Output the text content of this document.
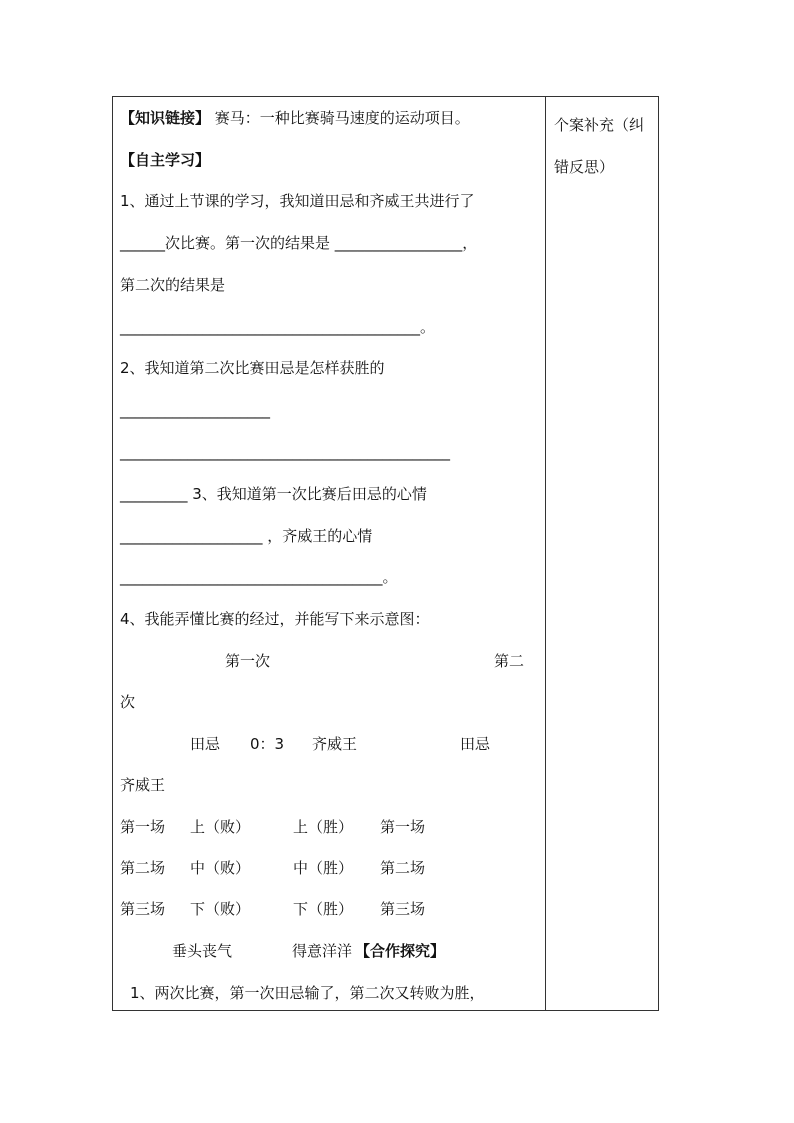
【知识链接】 赛马：一种比赛骑马速度的运动项目。
【自主学习】
1、通过上节课的学习，我知道田忌和齐威王共进行了
______次比赛。第一次的结果是 _________________，
第二次的结果是
________________________________________。
2、我知道第二次比赛田忌是怎样获胜的
____________________
____________________________________________
_________ 3、我知道第一次比赛后田忌的心情
___________________ ，齐威王的心情
___________________________________。
4、我能弄懂比赛的经过，并能写下来示意图：
第一次	第二
次
田忌 0：3 齐威王	田忌
齐威王
第一场 上（败）	上（胜） 第一场
第二场 中（败）	中（胜） 第二场
第三场 下（败）	下（胜） 第三场
垂头丧气	得意洋洋 【合作探究】
1、两次比赛，第一次田忌输了，第二次又转败为胜，
个案补充（纠错反思）
